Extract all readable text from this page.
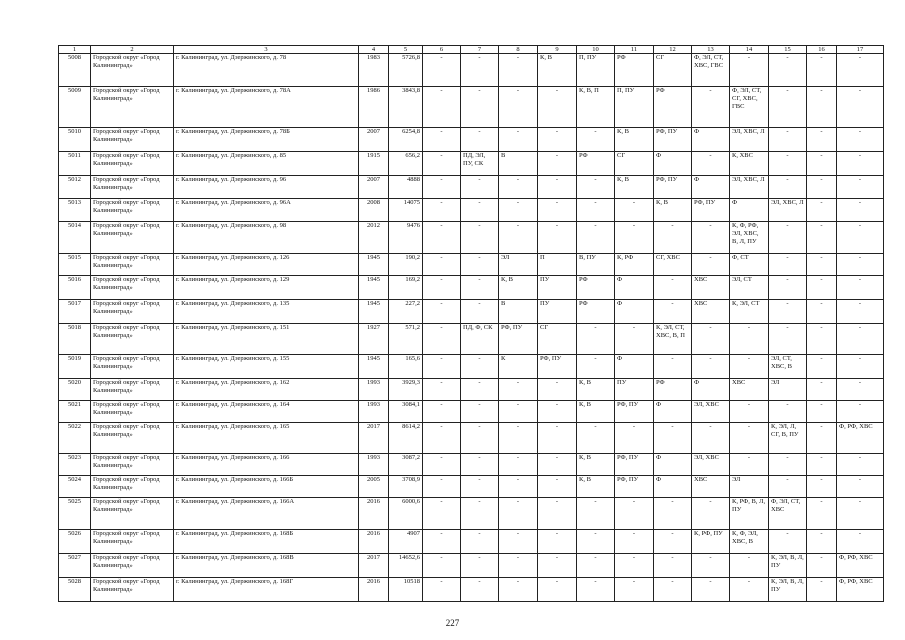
1	2	3	4	5	6	7	8	9	10	11	12	13	14	15	16	17
5008	Городской округ «Город Калининград»	г. Калининград, ул. Дзержинского, д. 78	1983	5726,8	-	-	-	К, В	П, ПУ	РФ	СГ	Ф, ЭЛ, СТ, ХВС, ГВС	-	-	-	-
5009	Городской округ «Город Калининград»	г. Калининград, ул. Дзержинского, д. 78А	1986	3843,8	-	-	-	-	К, В, П	П, ПУ	РФ	-	Ф, ЭЛ, СТ, СГ, ХВС, ГВС	-	-	-
5010	Городской округ «Город Калининград»	г. Калининград, ул. Дзержинского, д. 78Б	2007	6254,8	-	-	-	-	-	К, В	РФ, ПУ	Ф	ЭЛ, ХВС, Л	-	-	-
5011	Городской округ «Город Калининград»	г. Калининград, ул. Дзержинского, д. 85	1915	656,2	-	ПД, ЭЛ, ПУ, СК	В	-	РФ	СГ	Ф	-	К, ХВС	-	-	-
5012	Городской округ «Город Калининград»	г. Калининград, ул. Дзержинского, д. 96	2007	4888	-	-	-	-	-	К, В	РФ, ПУ	Ф	ЭЛ, ХВС, Л	-	-	-
5013	Городской округ «Город Калининград»	г. Калининград, ул. Дзержинского, д. 96А	2008	14075	-	-	-	-	-	-	К, В	РФ, ПУ	Ф	ЭЛ, ХВС, Л	-	-
5014	Городской округ «Город Калининград»	г. Калининград, ул. Дзержинского, д. 98	2012	9476	-	-	-	-	-	-	-	-	К, Ф, РФ, ЭЛ, ХВС, В, Л, ПУ	-	-	-
5015	Городской округ «Город Калининград»	г. Калининград, ул. Дзержинского, д. 126	1945	190,2	-	-	ЭЛ	П	В, ПУ	К, РФ	СГ, ХВС	-	Ф, СТ	-	-	-
5016	Городской округ «Город Калининград»	г. Калининград, ул. Дзержинского, д. 129	1945	169,2	-	-	К, В	ПУ	РФ	Ф	-	ХВС	ЭЛ, СТ	-	-	-
5017	Городской округ «Город Калининград»	г. Калининград, ул. Дзержинского, д. 135	1945	227,2	-	-	В	ПУ	РФ	Ф	-	ХВС	К, ЭЛ, СТ	-	-	-
5018	Городской округ «Город Калининград»	г. Калининград, ул. Дзержинского, д. 151	1927	571,2	-	ПД, Ф, СК	РФ, ПУ	СГ	-	-	К, ЭЛ, СТ, ХВС, В, П	-	-	-	-	-
5019	Городской округ «Город Калининград»	г. Калининград, ул. Дзержинского, д. 155	1945	165,6	-	-	К	РФ, ПУ	-	Ф	-	-	-	ЭЛ, СТ, ХВС, В	-	-
5020	Городской округ «Город Калининград»	г. Калининград, ул. Дзержинского, д. 162	1993	3929,3	-	-	-	-	К, В	ПУ	РФ	Ф	ХВС	ЭЛ	-	-
5021	Городской округ «Город Калининград»	г. Калининград, ул. Дзержинского, д. 164	1993	3084,1	-	-	-	-	К, В	РФ, ПУ	Ф	ЭЛ, ХВС	-	-	-	-
5022	Городской округ «Город Калининград»	г. Калининград, ул. Дзержинского, д. 165	2017	8614,2	-	-	-	-	-	-	-	-	-	К, ЭЛ, Л, СГ, В, ПУ	-	Ф, РФ, ХВС
5023	Городской округ «Город Калининград»	г. Калининград, ул. Дзержинского, д. 166	1993	3087,2	-	-	-	-	К, В	РФ, ПУ	Ф	ЭЛ, ХВС	-	-	-	-
5024	Городской округ «Город Калининград»	г. Калининград, ул. Дзержинского, д. 166Б	2005	3708,9	-	-	-	-	К, В	РФ, ПУ	Ф	ХВС	ЭЛ	-	-	-
5025	Городской округ «Город Калининград»	г. Калининград, ул. Дзержинского, д. 166А	2016	6000,6	-	-	-	-	-	-	-	-	К, РФ, В, Л, ПУ	Ф, ЭЛ, СТ, ХВС	-	-
5026	Городской округ «Город Калининград»	г. Калининград, ул. Дзержинского, д. 168Б	2016	4907	-	-	-	-	-	-	-	К, РФ, ПУ	К, Ф, ЭЛ, ХВС, В	-	-	-
5027	Городской округ «Город Калининград»	г. Калининград, ул. Дзержинского, д. 168В	2017	14652,6	-	-	-	-	-	-	-	-	-	К, ЭЛ, В, Л, ПУ	-	Ф, РФ, ХВС
5028	Городской округ «Город Калининград»	г. Калининград, ул. Дзержинского, д. 168Г	2016	10518	-	-	-	-	-	-	-	-	-	К, ЭЛ, В, Л, ПУ	-	Ф, РФ, ХВС
227
